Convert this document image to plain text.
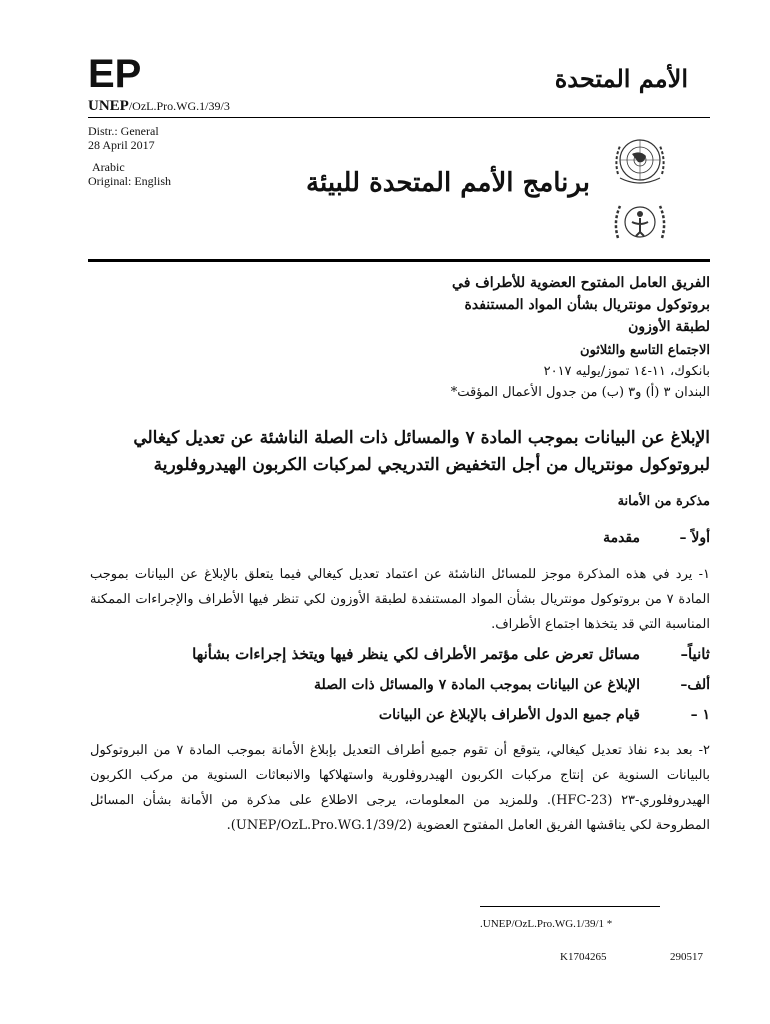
EP	الأمم المتحدة
UNEP/OzL.Pro.WG.1/39/3
Distr.: General
28 April 2017
Arabic
Original: English	برنامج الأمم المتحدة للبيئة
الفريق العامل المفتوح العضوية للأطراف في
بروتوكول مونتريال بشأن المواد المستنفدة
لطبقة الأوزون
الاجتماع التاسع والثلاثون
بانكوك، ١١-١٤ تموز/يوليه ٢٠١٧
البندان ٣ (أ) و٣ (ب) من جدول الأعمال المؤقت*
الإبلاغ عن البيانات بموجب المادة ٧ والمسائل ذات الصلة الناشئة عن تعديل كيغالي
لبروتوكول مونتريال من أجل التخفيض التدريجي لمركبات الكربون الهيدروفلورية
مذكرة من الأمانة
أولاً –مقدمة
١- يرد في هذه المذكرة موجز للمسائل الناشئة عن اعتماد تعديل كيغالي فيما يتعلق بالإبلاغ عن البيانات بموجب المادة ٧ من بروتوكول مونتريال بشأن المواد المستنفدة لطبقة الأوزون لكي تنظر فيها الأطراف والإجراءات الممكنة المناسبة التي قد يتخذها اجتماع الأطراف.
ثانياً–مسائل تعرض على مؤتمر الأطراف لكي ينظر فيها ويتخذ إجراءات بشأنها
ألف–الإبلاغ عن البيانات بموجب المادة ٧ والمسائل ذات الصلة
١ –قيام جميع الدول الأطراف بالإبلاغ عن البيانات
٢- بعد بدء نفاذ تعديل كيغالي، يتوقع أن تقوم جميع أطراف التعديل بإبلاغ الأمانة بموجب المادة ٧ من البروتوكول بالبيانات السنوية عن إنتاج مركبات الكربون الهيدروفلورية واستهلاكها والانبعاثات السنوية من مركب الكربون الهيدروفلوري-٢٣ (HFC-23). وللمزيد من المعلومات، يرجى الاطلاع على مذكرة من الأمانة بشأن المسائل المطروحة لكي يناقشها الفريق العامل المفتوح العضوية (UNEP/OzL.Pro.WG.1/39/2).
.UNEP/OzL.Pro.WG.1/39/1 *
K1704265	290517
